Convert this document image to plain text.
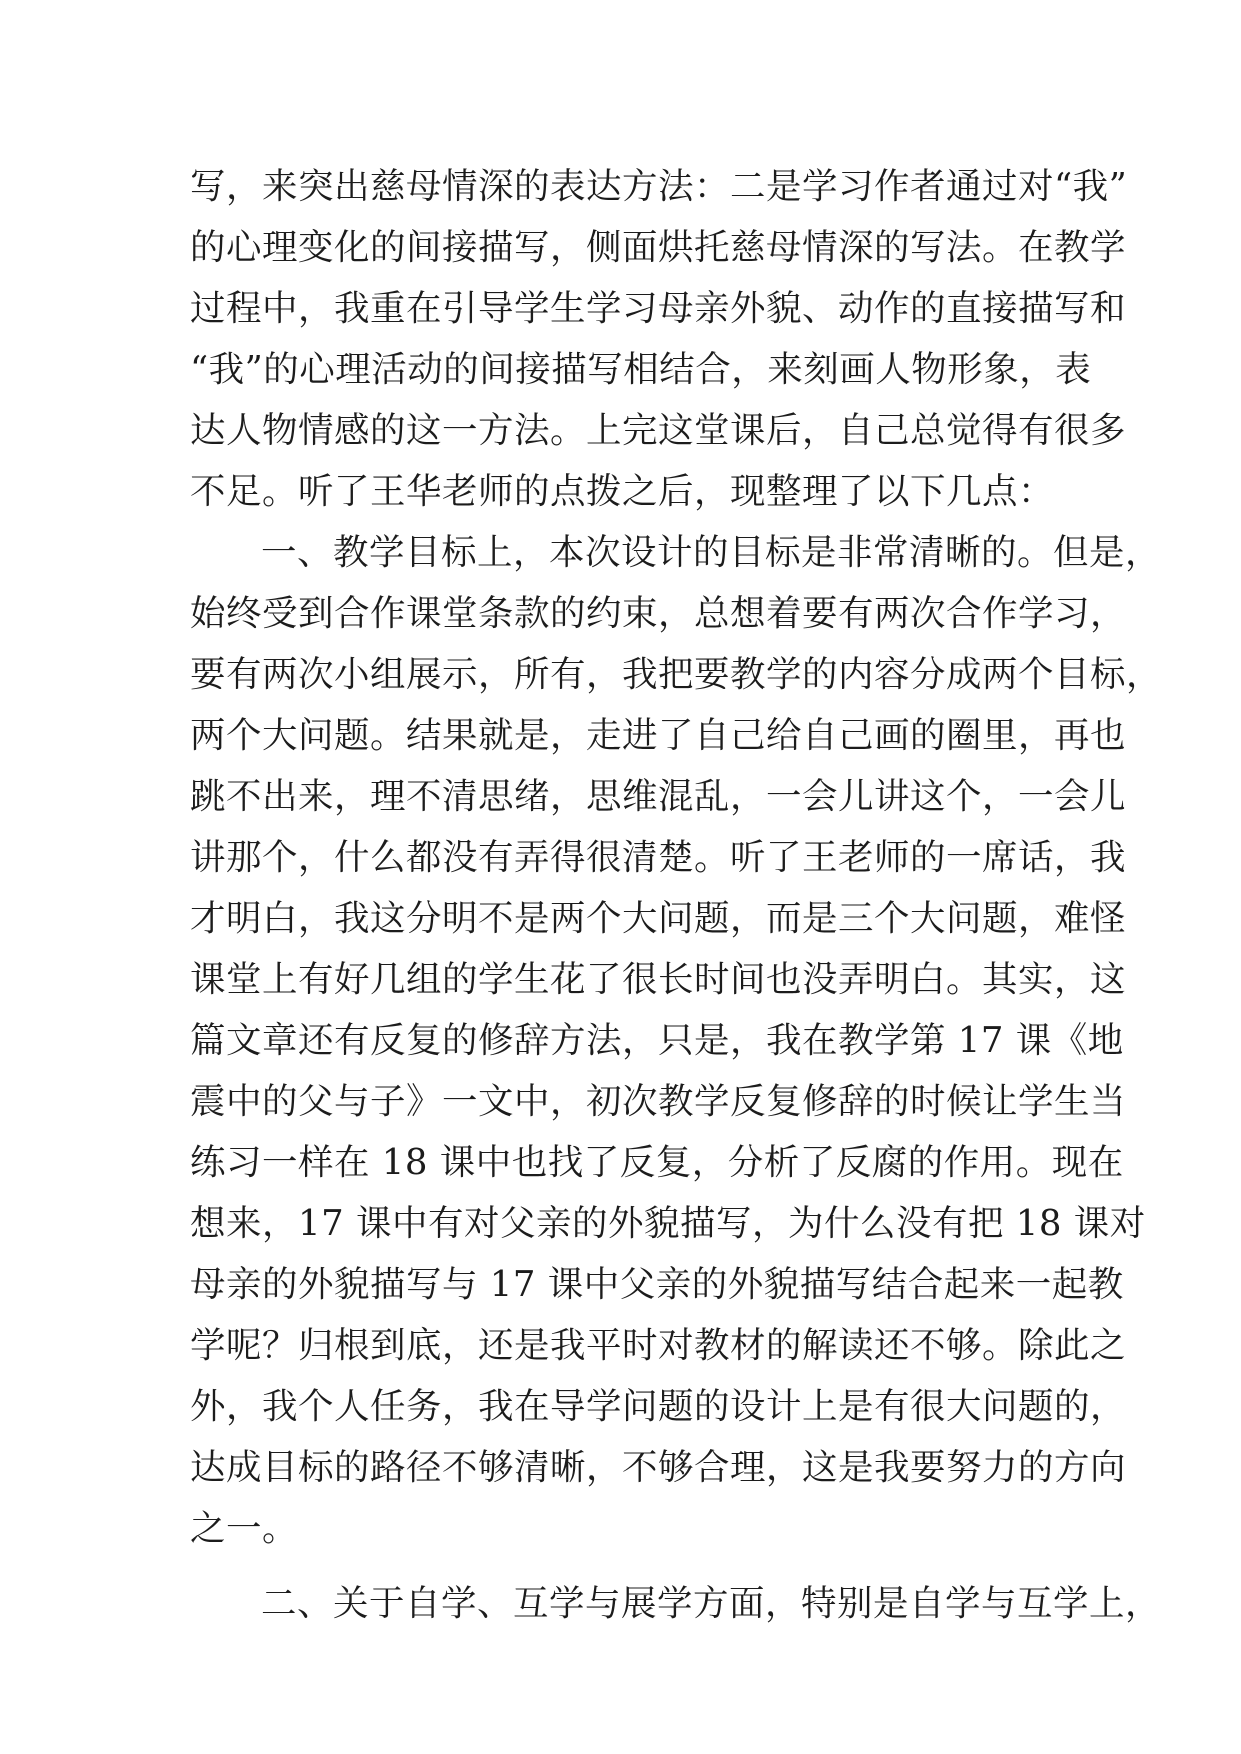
写，来突出慈母情深的表达方法：二是学习作者通过对“我”
的心理变化的间接描写，侧面烘托慈母情深的写法。在教学
过程中，我重在引导学生学习母亲外貌、动作的直接描写和
“我”的心理活动的间接描写相结合，来刻画人物形象，表
达人物情感的这一方法。上完这堂课后，自己总觉得有很多
不足。听了王华老师的点拨之后，现整理了以下几点：
一、教学目标上，本次设计的目标是非常清晰的。但是，
始终受到合作课堂条款的约束，总想着要有两次合作学习，
要有两次小组展示，所有，我把要教学的内容分成两个目标，
两个大问题。结果就是，走进了自己给自己画的圈里，再也
跳不出来，理不清思绪，思维混乱，一会儿讲这个，一会儿
讲那个，什么都没有弄得很清楚。听了王老师的一席话，我
才明白，我这分明不是两个大问题，而是三个大问题，难怪
课堂上有好几组的学生花了很长时间也没弄明白。其实，这
篇文章还有反复的修辞方法，只是，我在教学第 17 课《地
震中的父与子》一文中，初次教学反复修辞的时候让学生当
练习一样在 18 课中也找了反复，分析了反腐的作用。现在
想来，17 课中有对父亲的外貌描写，为什么没有把 18 课对
母亲的外貌描写与 17 课中父亲的外貌描写结合起来一起教
学呢？归根到底，还是我平时对教材的解读还不够。除此之
外，我个人任务，我在导学问题的设计上是有很大问题的，
达成目标的路径不够清晰，不够合理，这是我要努力的方向
之一。
二、关于自学、互学与展学方面，特别是自学与互学上，
